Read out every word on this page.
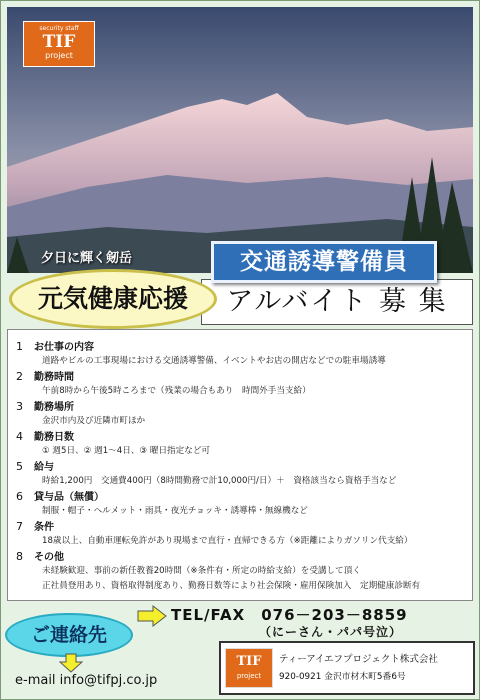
security staff
TIF
project
夕日に輝く剱岳
アルバイト 募 集
交通誘導警備員
元気健康応援
1 お仕事の内容
道路やビルの工事現場における交通誘導警備、イベントやお店の開店などでの駐車場誘導
2 勤務時間
午前8時から午後5時ころまで（残業の場合もあり　時間外手当支給）
3 勤務場所
金沢市内及び近隣市町ほか
4 勤務日数
① 週5日、② 週1～4日、③ 曜日指定など可
5 給与
時給1,200円　交通費400円（8時間勤務で計10,000円/日）＋　資格該当なら資格手当など
6 貸与品（無償）
制服・帽子・ヘルメット・雨具・夜光チョッキ・誘導棒・無線機など
7 条件
18歳以上、自動車運転免許があり現場まで直行・直帰できる方（※距離によりガソリン代支給）
8 その他
未経験歓迎、事前の新任教養20時間（※条件有・所定の時給支給）を受講して頂く
正社員登用あり、資格取得制度あり、勤務日数等により社会保険・雇用保険加入　定期健康診断有
TEL/FAX　076－203－8859
（にーさん・パパ号泣）
ご連絡先
e-mail info@tifpj.co.jp
TIF
project
ティーアイエフプロジェクト株式会社
920-0921 金沢市材木町5番6号
